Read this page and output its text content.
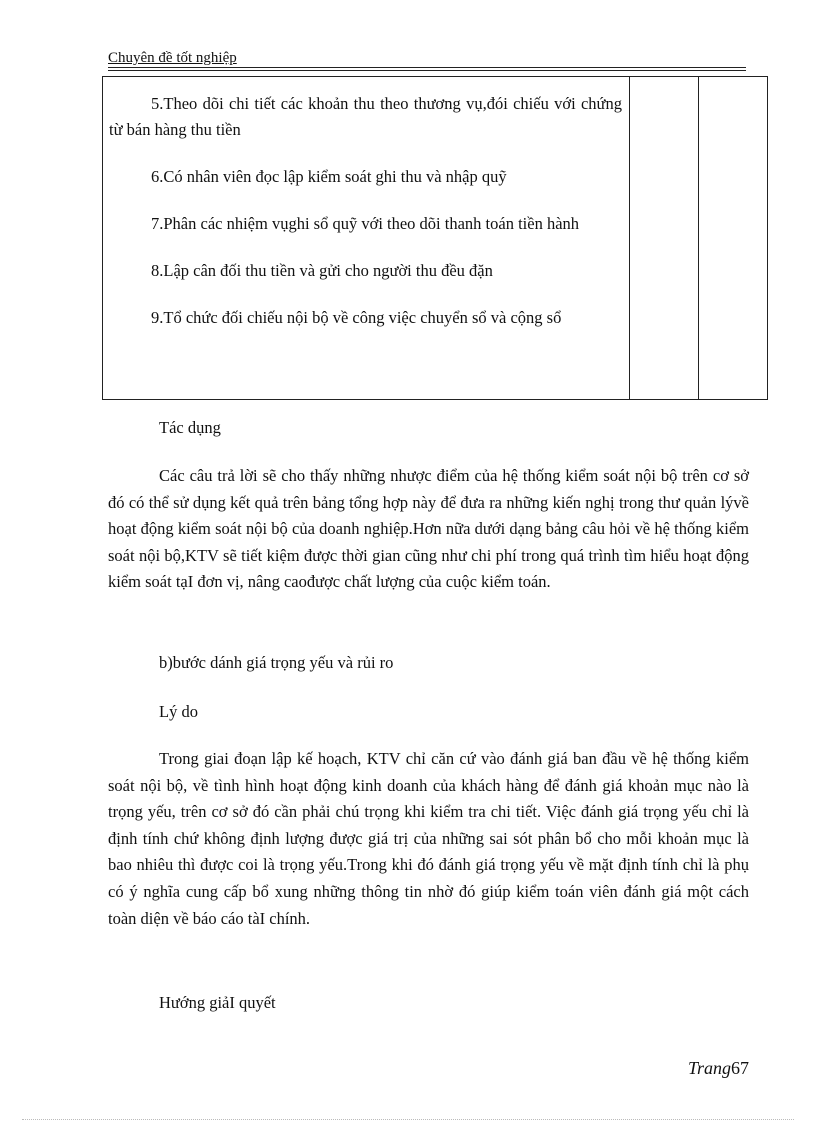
Chuyên đề tốt nghiệp

5.Theo dõi chi tiết các khoản thu theo thương vụ,đói chiếu với chứng từ bán hàng thu tiền

6.Có nhân viên đọc lập kiểm soát ghi thu và nhập quỹ

7.Phân các nhiệm vụghi sổ quỹ với theo dõi thanh toán tiền hành

8.Lập cân đối thu tiền và gửi cho người thu đều đặn

9.Tổ chức đối chiếu nội bộ về công việc chuyển sổ và cộng sổ

Tác dụng
Các câu trả lời sẽ cho thấy những nhược điểm của hệ thống kiểm soát nội bộ trên cơ sở đó có thể sử dụng kết quả trên bảng tổng hợp này để đưa ra những kiến nghị trong thư quản lývề hoạt động kiểm soát nội bộ của doanh nghiệp.Hơn nữa dưới dạng bảng câu hỏi về hệ thống kiểm soát nội bộ,KTV sẽ tiết kiệm được thời gian cũng như chi phí trong quá trình tìm hiểu hoạt động kiểm soát tạI đơn vị, nâng caođược chất lượng của cuộc kiểm toán.
b)bước dánh giá trọng yếu và rủi ro
Lý do
Trong giai đoạn lập kế hoạch, KTV chỉ căn cứ vào đánh giá ban đầu về hệ thống kiểm soát nội bộ, về tình hình hoạt động kinh doanh của khách hàng để đánh giá khoản mục nào là trọng yếu, trên cơ sở đó cần phải chú trọng khi kiểm tra chi tiết. Việc đánh giá trọng yếu chỉ là định tính chứ không định lượng được giá trị của những sai sót phân bổ cho mỗi khoản mục là bao nhiêu thì được coi là trọng yếu.Trong khi đó đánh giá trọng yếu về mặt định tính chỉ là phụ có ý nghĩa cung cấp bổ xung những thông tin nhờ đó giúp kiểm toán viên đánh giá một cách toàn diện về báo cáo tàI chính.
Hướng giảI quyết
Trang67
